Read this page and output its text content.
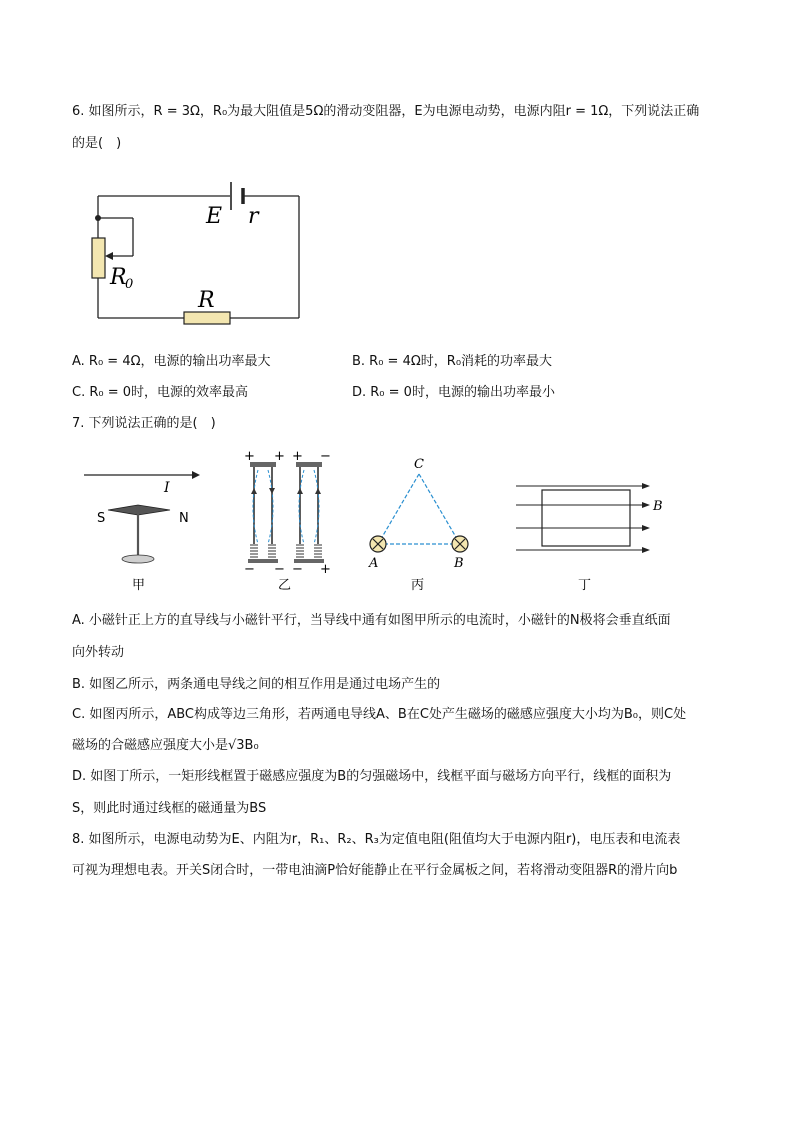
6. 如图所示，R = 3Ω，R₀为最大阻值是5Ω的滑动变阻器，E为电源电动势，电源内阻r = 1Ω，下列说法正确
的是(　)
E r
R
0
R
A. R₀ = 4Ω，电源的输出功率最大	B. R₀ = 4Ω时，R₀消耗的功率最大
C. R₀ = 0时，电源的效率最高	D. R₀ = 0时，电源的输出功率最小
7. 下列说法正确的是(　)
I
S	N
甲
+ + + −
− − − +
乙
C
A	B
丙
B
丁
A. 小磁针正上方的直导线与小磁针平行，当导线中通有如图甲所示的电流时，小磁针的N极将会垂直纸面
向外转动
B. 如图乙所示，两条通电导线之间的相互作用是通过电场产生的
C. 如图丙所示，ABC构成等边三角形，若两通电导线A、B在C处产生磁场的磁感应强度大小均为B₀，则C处
磁场的合磁感应强度大小是√3B₀
D. 如图丁所示，一矩形线框置于磁感应强度为B的匀强磁场中，线框平面与磁场方向平行，线框的面积为
S，则此时通过线框的磁通量为BS
8. 如图所示，电源电动势为E、内阻为r，R₁、R₂、R₃为定值电阻(阻值均大于电源内阻r)，电压表和电流表
可视为理想电表。开关S闭合时，一带电油滴P恰好能静止在平行金属板之间，若将滑动变阻器R的滑片向b
